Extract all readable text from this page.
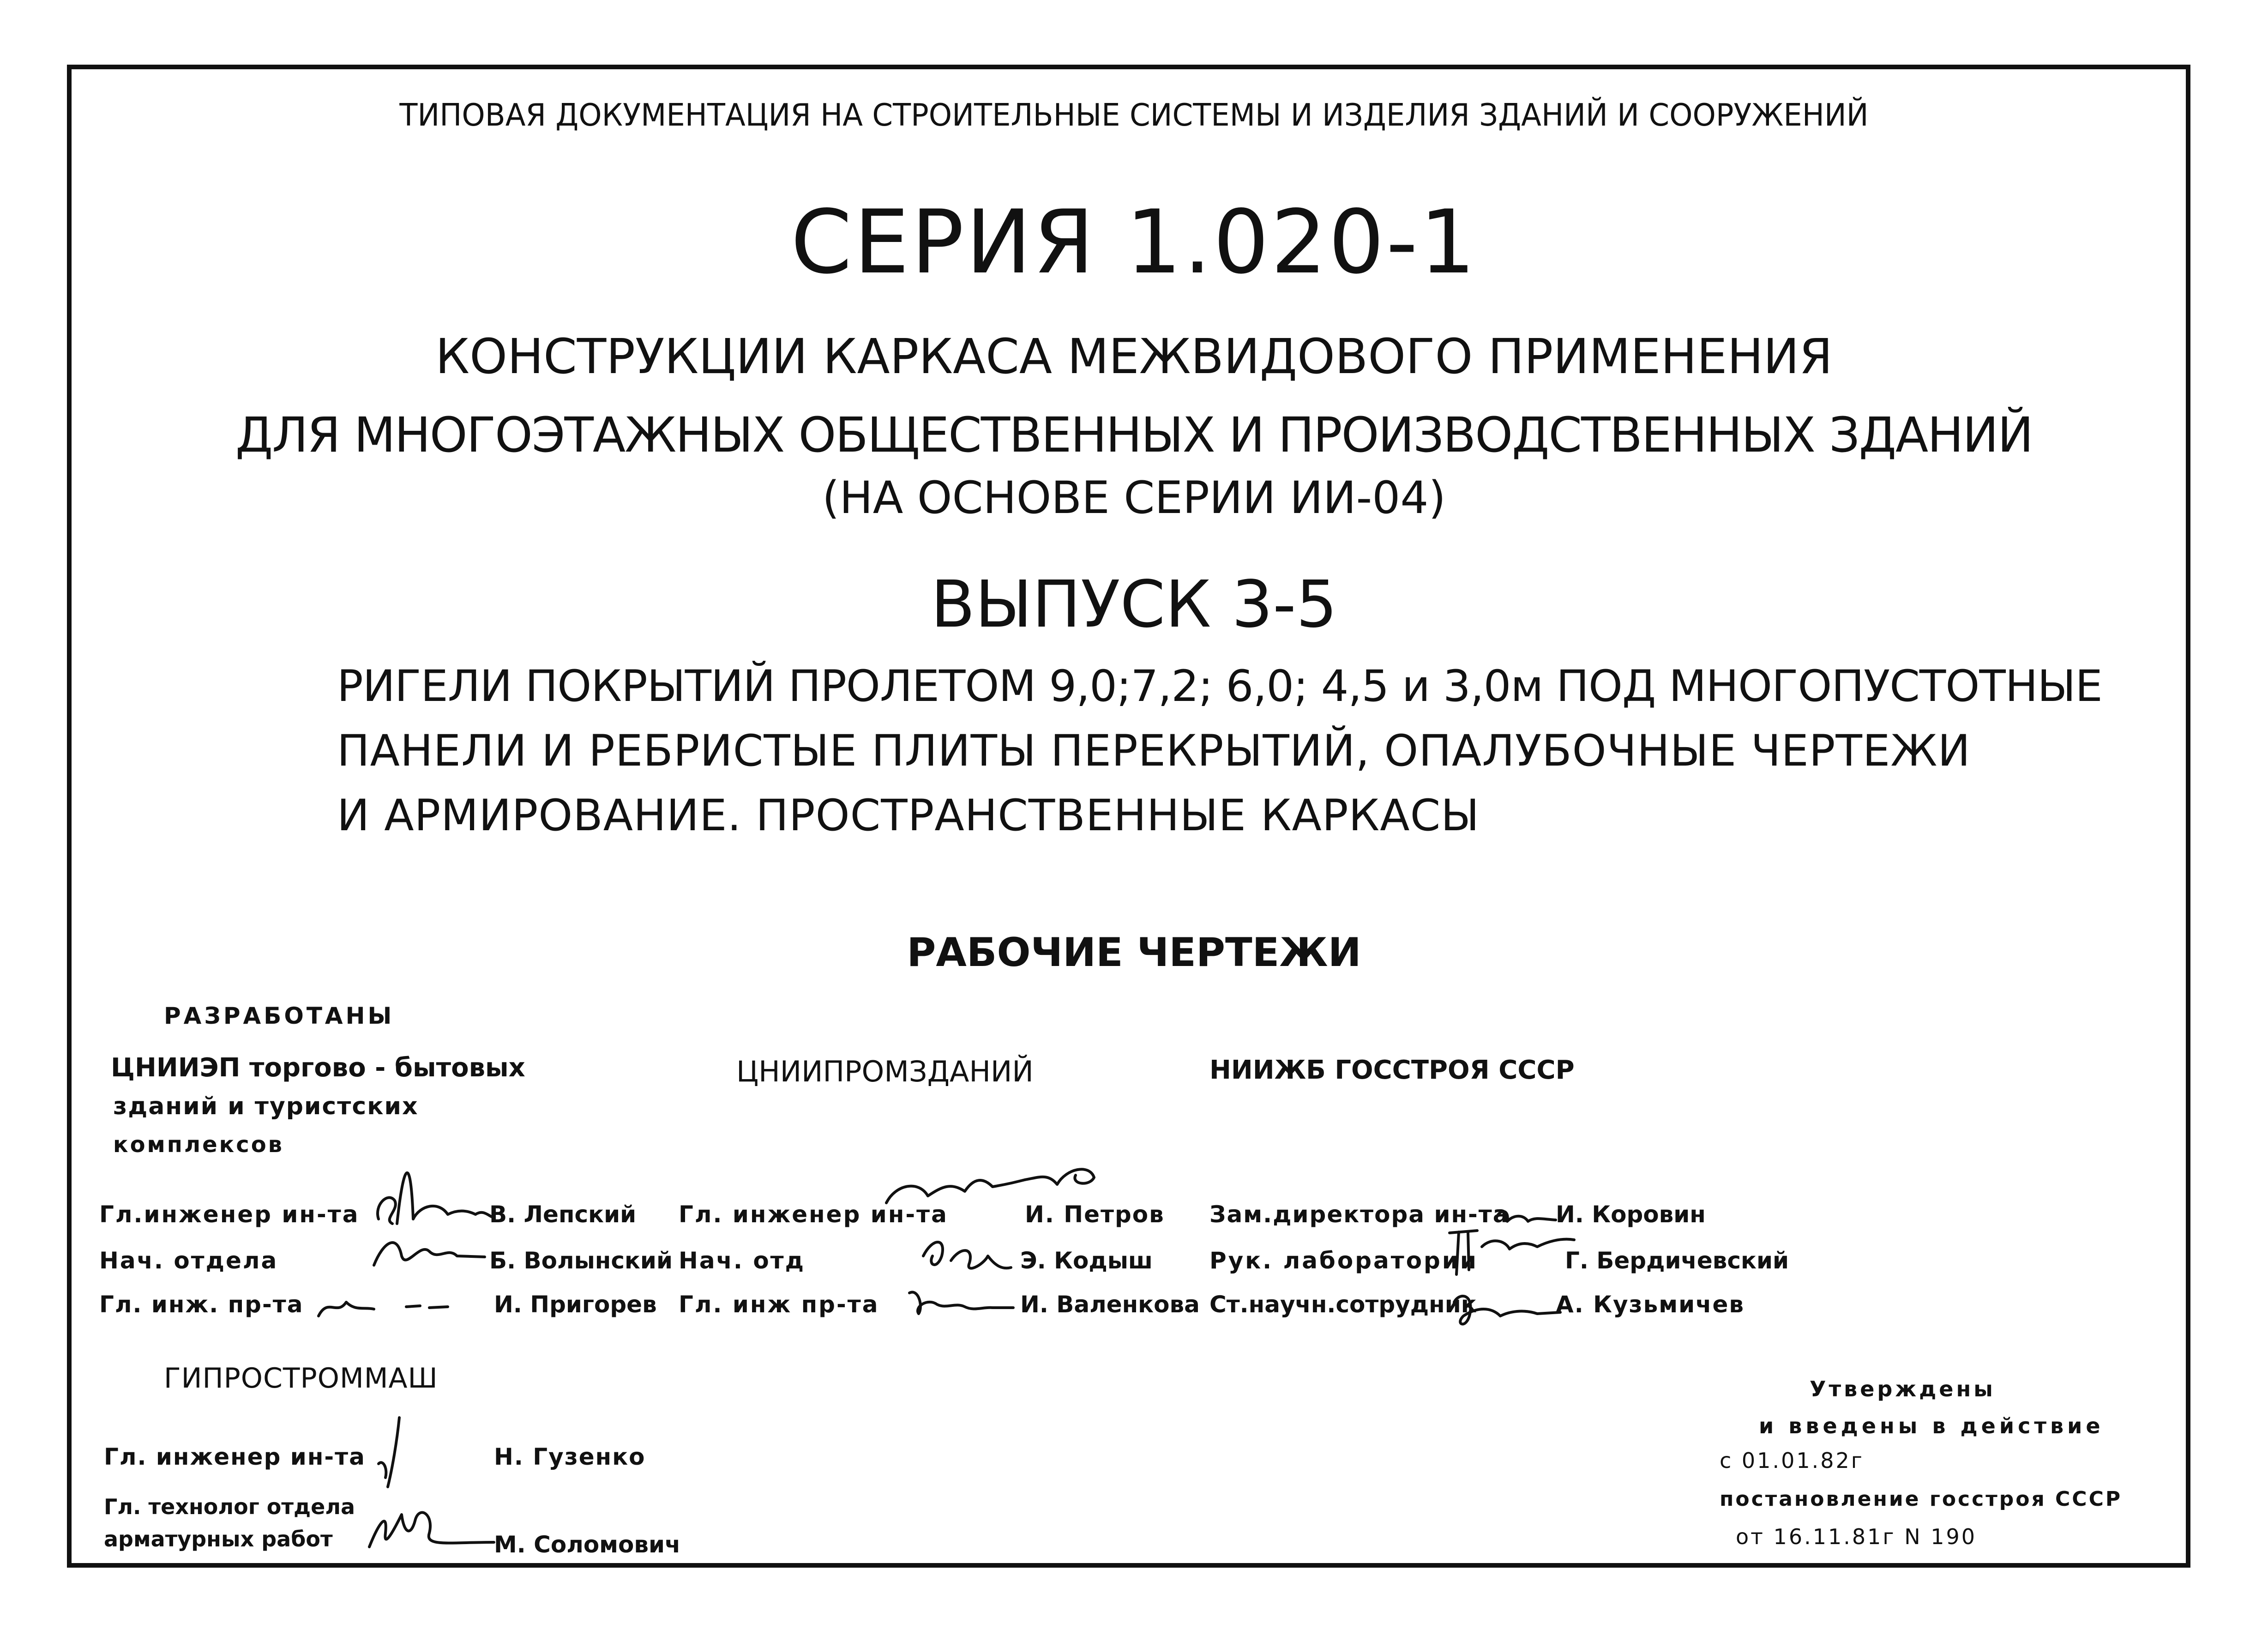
ТИПОВАЯ ДОКУМЕНТАЦИЯ НА СТРОИТЕЛЬНЫЕ СИСТЕМЫ И ИЗДЕЛИЯ ЗДАНИЙ И СООРУЖЕНИЙ
СЕРИЯ 1.020-1
КОНСТРУКЦИИ КАРКАСА МЕЖВИДОВОГО ПРИМЕНЕНИЯ
ДЛЯ МНОГОЭТАЖНЫХ ОБЩЕСТВЕННЫХ И ПРОИЗВОДСТВЕННЫХ ЗДАНИЙ
(НА ОСНОВЕ СЕРИИ ИИ-04)
ВЫПУСК 3-5
РИГЕЛИ ПОКРЫТИЙ ПРОЛЕТОМ 9,0;7,2; 6,0; 4,5 и 3,0м ПОД МНОГОПУСТОТНЫЕ
ПАНЕЛИ И РЕБРИСТЫЕ ПЛИТЫ ПЕРЕКРЫТИЙ, ОПАЛУБОЧНЫЕ ЧЕРТЕЖИ
И АРМИРОВАНИЕ. ПРОСТРАНСТВЕННЫЕ КАРКАСЫ
РАБОЧИЕ ЧЕРТЕЖИ
РАЗРАБОТАНЫ
ЦНИИЭП торгово - бытовых
зданий и туристских
комплексов
Гл.инженер ин-та	В. Лепский
Нач. отдела	Б. Волынский
Гл. инж. пр-та	И. Пригорев
ЦНИИПРОМЗДАНИЙ
Гл. инженер ин-та	И. Петров
Нач. отд	Э. Кодыш
Гл. инж пр-та	И. Валенкова
НИИЖБ ГОССТРОЯ СССР
Зам.директора ин-та И. Коровин
Рук. лаборатории	Г. Бердичевский
Ст.научн.сотрудник	А. Кузьмичев
ГИПРОСТРОММАШ
Гл. инженер ин-та	Н. Гузенко
Гл. технолог отдела
арматурных работ	М. Соломович
Утверждены
и введены в действие
с 01.01.82г
постановление госстроя СССР
от 16.11.81г N 190
